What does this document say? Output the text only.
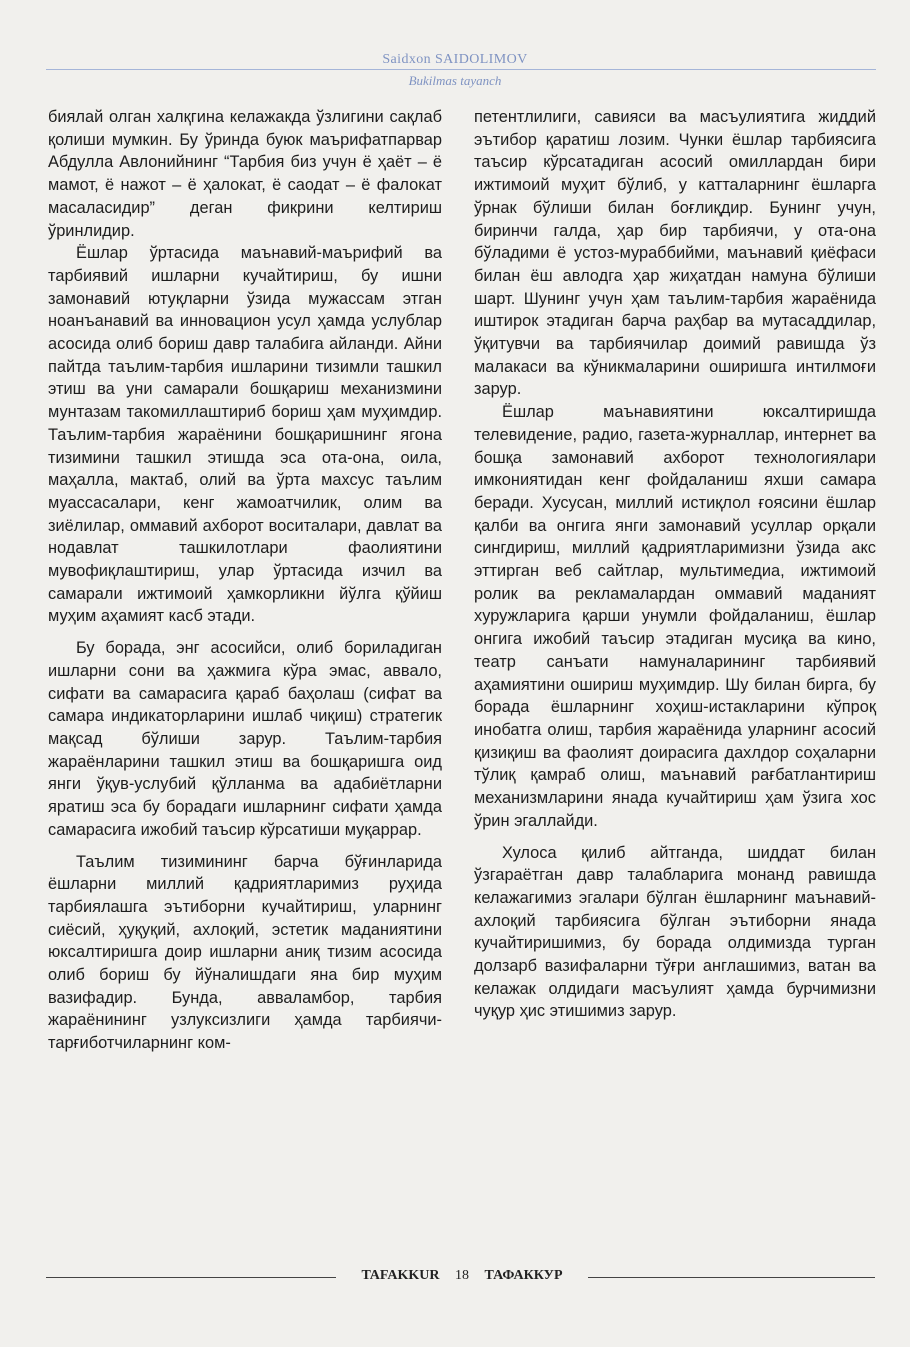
Saidxon SAIDOLIMOV
Bukilmas tayanch

биялай олган халқгина келажакда ўзлигини сақлаб қолиши мумкин. Бу ўринда буюк маърифатпарвар Абдулла Авлонийнинг “Тарбия биз учун ё ҳаёт – ё мамот, ё нажот – ё ҳалокат, ё саодат – ё фалокат масаласидир” деган фикрини келтириш ўринлидир.

Ёшлар ўртасида маънавий-маърифий ва тарбиявий ишларни кучайтириш, бу ишни замонавий ютуқларни ўзида мужассам этган ноанъанавий ва инновацион усул ҳамда услублар асосида олиб бориш давр талабига айланди. Айни пайтда таълим-тарбия ишларини тизимли ташкил этиш ва уни самарали бошқариш механизмини мунтазам такомиллаштириб бориш ҳам муҳимдир. Таълим-тарбия жараёнини бошқаришнинг ягона тизимини ташкил этишда эса ота-она, оила, маҳалла, мактаб, олий ва ўрта махсус таълим муассасалари, кенг жамоатчилик, олим ва зиёлилар, оммавий ахборот воситалари, давлат ва нодавлат ташкилотлари фаолиятини мувофиқлаштириш, улар ўртасида изчил ва самарали ижтимоий ҳамкорликни йўлга қўйиш муҳим аҳамият касб этади.

Бу борада, энг асосийси, олиб бориладиган ишларни сони ва ҳажмига кўра эмас, аввало, сифати ва самарасига қараб баҳолаш (сифат ва самара индикаторларини ишлаб чиқиш) стратегик мақсад бўлиши зарур. Таълим-тарбия жараёнларини ташкил этиш ва бошқаришга оид янги ўқув-услубий қўлланма ва адабиётларни яратиш эса бу борадаги ишларнинг сифати ҳамда самарасига ижобий таъсир кўрсатиши муқаррар.

Таълим тизимининг барча бўғинларида ёшларни миллий қадриятларимиз руҳида тарбиялашга эътиборни кучайтириш, уларнинг сиёсий, ҳуқуқий, ахлоқий, эстетик маданиятини юксалтиришга доир ишларни аниқ тизим асосида олиб бориш бу йўналишдаги яна бир муҳим вазифадир. Бунда, авваламбор, тарбия жараёнининг узлуксизлиги ҳамда тарбиячи-тарғиботчиларнинг ком-

петентлилиги, савияси ва масъулиятига жиддий эътибор қаратиш лозим. Чунки ёшлар тарбиясига таъсир кўрсатадиган асосий омиллардан бири ижтимоий муҳит бўлиб, у катталарнинг ёшларга ўрнак бўлиши билан боғлиқдир. Бунинг учун, биринчи галда, ҳар бир тарбиячи, у ота-она бўладими ё устоз-мураббийми, маънавий қиёфаси билан ёш авлодга ҳар жиҳатдан намуна бўлиши шарт. Шунинг учун ҳам таълим-тарбия жараёнида иштирок этадиган барча раҳбар ва мутасаддилар, ўқитувчи ва тарбиячилар доимий равишда ўз малакаси ва кўникмаларини оширишга интилмоғи зарур.

Ёшлар маънавиятини юксалтиришда телевидение, радио, газета-журналлар, интернет ва бошқа замонавий ахборот технологиялари имкониятидан кенг фойдаланиш яхши самара беради. Хусусан, миллий истиқлол ғоясини ёшлар қалби ва онгига янги замонавий усуллар орқали сингдириш, миллий қадриятларимизни ўзида акс эттирган веб сайтлар, мультимедиа, ижтимоий ролик ва рекламалардан оммавий маданият хуружларига қарши унумли фойдаланиш, ёшлар онгига ижобий таъсир этадиган мусиқа ва кино, театр санъати намуналарининг тарбиявий аҳамиятини ошириш муҳимдир. Шу билан бирга, бу борада ёшларнинг хоҳиш-истакларини кўпроқ инобатга олиш, тарбия жараёнида уларнинг асосий қизиқиш ва фаолият доирасига дахлдор соҳаларни тўлиқ қамраб олиш, маънавий рағбатлантириш механизмларини янада кучайтириш ҳам ўзига хос ўрин эгаллайди.

Хулоса қилиб айтганда, шиддат билан ўзгараётган давр талабларига монанд равишда келажагимиз эгалари бўлган ёшларнинг маънавий-ахлоқий тарбиясига бўлган эътиборни янада кучайтиришимиз, бу борада олдимизда турган долзарб вазифаларни тўғри англашимиз, ватан ва келажак олдидаги масъулият ҳамда бурчимизни чуқур ҳис этишимиз зарур.

TAFAKKUR 18 ТАФАККУР
